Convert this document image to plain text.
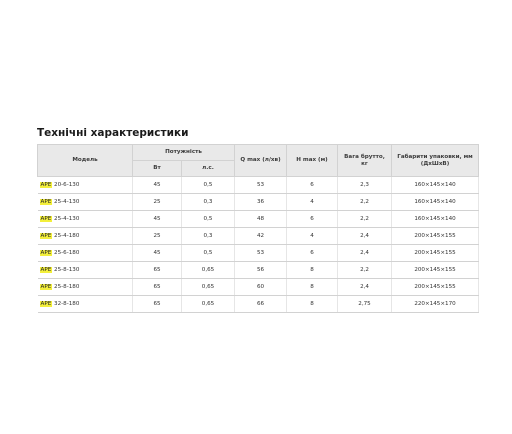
Технічні характеристики
Модель	Потужність		Q max (л/хв)	H max (м)	Вага брутто, кг	Габарити упаковки, мм (ДхШхВ)
	Вт	л.с.				
APE 20-6-130	45	0,5	53	6	2,3	160×145×140
APE 25-4-130	25	0,3	36	4	2,2	160×145×140
APE 25-4-130	45	0,5	48	6	2,2	160×145×140
APE 25-4-180	25	0,3	42	4	2,4	200×145×155
APE 25-6-180	45	0,5	53	6	2,4	200×145×155
APE 25-8-130	65	0,65	56	8	2,2	200×145×155
APE 25-8-180	65	0,65	60	8	2,4	200×145×155
APE 32-8-180	65	0,65	66	8	2,75	220×145×170
